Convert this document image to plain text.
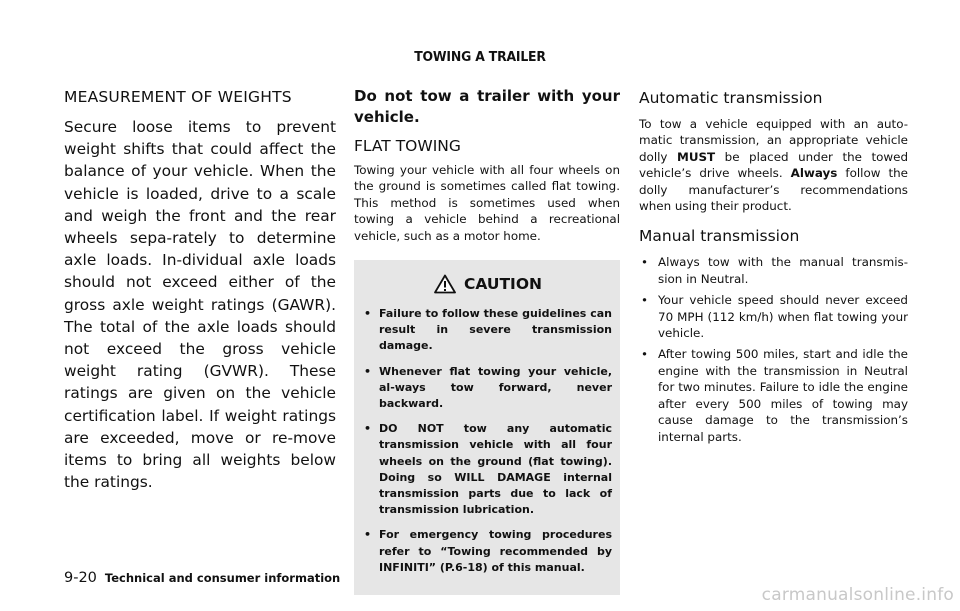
TOWING A TRAILER
MEASUREMENT OF WEIGHTS

Secure loose items to prevent weight shifts that could affect the balance of your vehicle. When the vehicle is loaded, drive to a scale and weigh the front and the rear wheels sepa-rately to determine axle loads. In-dividual axle loads should not exceed either of the gross axle weight ratings (GAWR). The total of the axle loads should not exceed the gross vehicle weight rating (GVWR). These ratings are given on the vehicle certification label. If weight ratings are exceeded, move or re-move items to bring all weights below the ratings.

Do not tow a trailer with your vehicle.

FLAT TOWING

Towing your vehicle with all four wheels on the ground is sometimes called flat towing. This method is sometimes used when towing a vehicle behind a recreational vehicle, such as a motor home.

CAUTION
• Failure to follow these guidelines can result in severe transmission damage.
• Whenever flat towing your vehicle, al-ways tow forward, never backward.
• DO NOT tow any automatic transmission vehicle with all four wheels on the ground (flat towing). Doing so WILL DAMAGE internal transmission parts due to lack of transmission lubrication.
• For emergency towing procedures refer to “Towing recommended by INFINITI” (P.6-18) of this manual.
Automatic transmission

To tow a vehicle equipped with an auto-matic transmission, an appropriate vehicle dolly MUST be placed under the towed vehicle’s drive wheels. Always follow the dolly manufacturer’s recommendations when using their product.

Manual transmission
• Always tow with the manual transmis-sion in Neutral.
• Your vehicle speed should never exceed 70 MPH (112 km/h) when flat towing your vehicle.
• After towing 500 miles, start and idle the engine with the transmission in Neutral for two minutes. Failure to idle the engine after every 500 miles of towing may cause damage to the transmission’s internal parts.
9-20 Technical and consumer information
carmanualsonline.info
